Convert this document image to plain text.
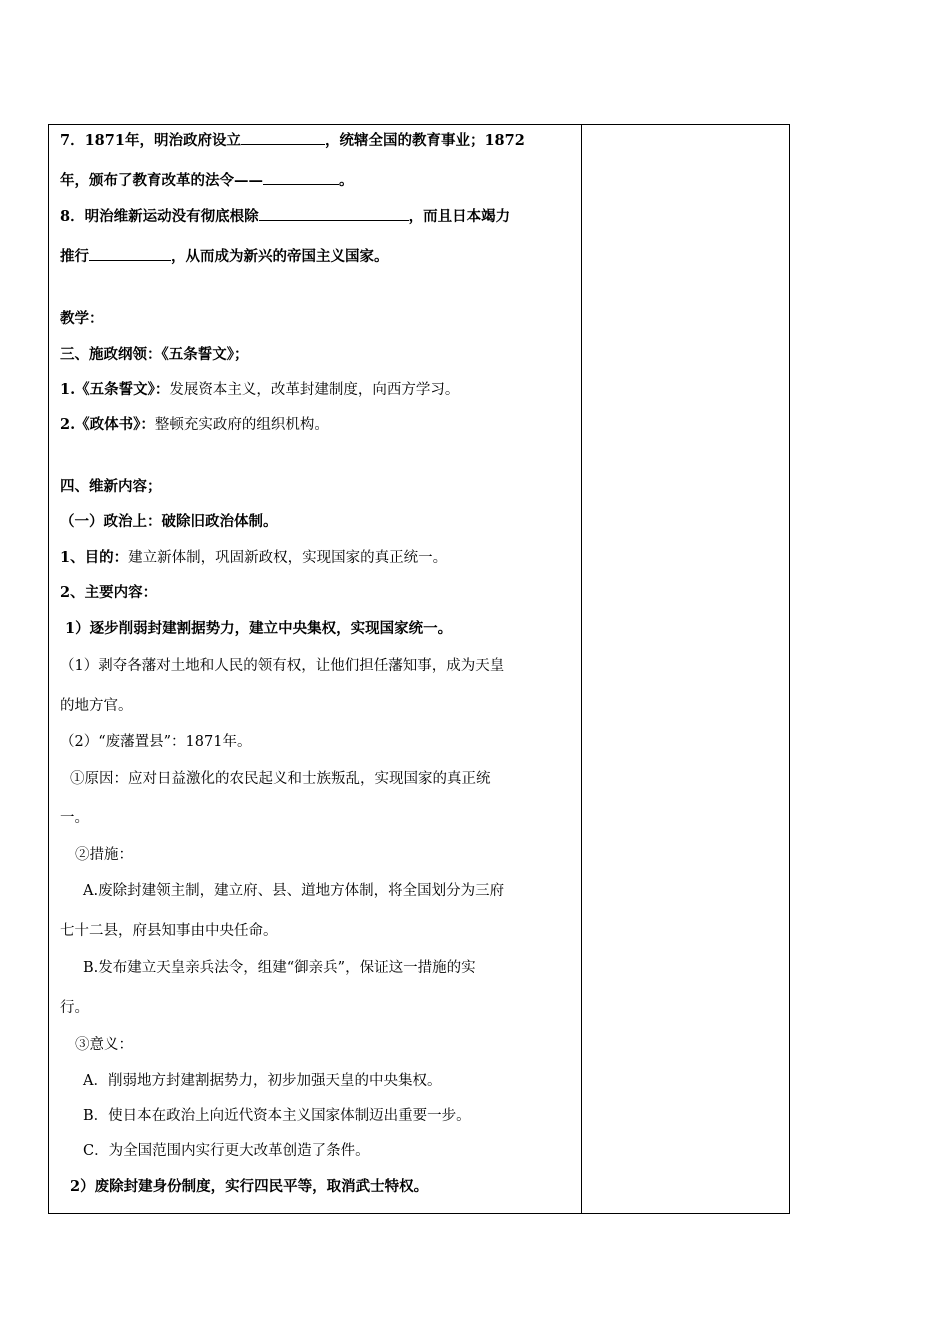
7．1871年，明治政府设立	，统辖全国的教育事业；1872
年，颁布了教育改革的法令——	。
8．明治维新运动没有彻底根除	，而且日本竭力
推行	，从而成为新兴的帝国主义国家。
教学：
三、施政纲领：《五条誓文》；
1.《五条誓文》：发展资本主义，改革封建制度，向西方学习。
2.《政体书》：整顿充实政府的组织机构。
四、维新内容；
（一）政治上：破除旧政治体制。
1、目的：建立新体制，巩固新政权，实现国家的真正统一。
2、主要内容：
1）逐步削弱封建割据势力，建立中央集权，实现国家统一。
（1）剥夺各藩对土地和人民的领有权，让他们担任藩知事，成为天皇
的地方官。
（2）“废藩置县”：1871年。
①原因：应对日益激化的农民起义和士族叛乱，实现国家的真正统
一。
②措施：
A.废除封建领主制，建立府、县、道地方体制，将全国划分为三府
七十二县，府县知事由中央任命。
B.发布建立天皇亲兵法令，组建“御亲兵”，保证这一措施的实
行。
③意义：
A．削弱地方封建割据势力，初步加强天皇的中央集权。
B．使日本在政治上向近代资本主义国家体制迈出重要一步。
C．为全国范围内实行更大改革创造了条件。
2）废除封建身份制度，实行四民平等，取消武士特权。
